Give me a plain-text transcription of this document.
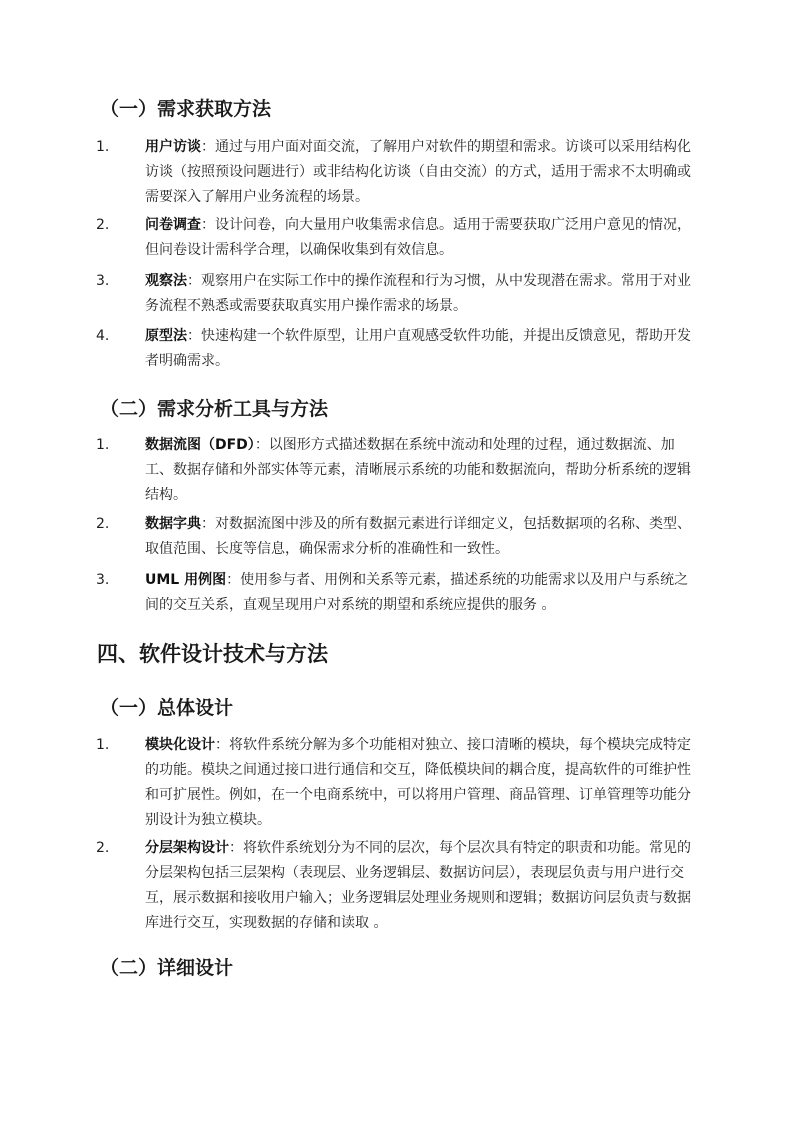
（一）需求获取方法
1.	用户访谈：通过与用户面对面交流，了解用户对软件的期望和需求。访谈可以采用结构化访谈（按照预设问题进行）或非结构化访谈（自由交流）的方式，适用于需求不太明确或需要深入了解用户业务流程的场景。
2.	问卷调查：设计问卷，向大量用户收集需求信息。适用于需要获取广泛用户意见的情况，但问卷设计需科学合理，以确保收集到有效信息。
3.	观察法：观察用户在实际工作中的操作流程和行为习惯，从中发现潜在需求。常用于对业务流程不熟悉或需要获取真实用户操作需求的场景。
4.	原型法：快速构建一个软件原型，让用户直观感受软件功能，并提出反馈意见，帮助开发者明确需求。
（二）需求分析工具与方法
1.	数据流图（DFD）：以图形方式描述数据在系统中流动和处理的过程，通过数据流、加工、数据存储和外部实体等元素，清晰展示系统的功能和数据流向，帮助分析系统的逻辑结构。
2.	数据字典：对数据流图中涉及的所有数据元素进行详细定义，包括数据项的名称、类型、取值范围、长度等信息，确保需求分析的准确性和一致性。
3.	UML 用例图：使用参与者、用例和关系等元素，描述系统的功能需求以及用户与系统之间的交互关系，直观呈现用户对系统的期望和系统应提供的服务 。
四、软件设计技术与方法
（一）总体设计
1.	模块化设计：将软件系统分解为多个功能相对独立、接口清晰的模块，每个模块完成特定的功能。模块之间通过接口进行通信和交互，降低模块间的耦合度，提高软件的可维护性和可扩展性。例如，在一个电商系统中，可以将用户管理、商品管理、订单管理等功能分别设计为独立模块。
2.	分层架构设计：将软件系统划分为不同的层次，每个层次具有特定的职责和功能。常见的分层架构包括三层架构（表现层、业务逻辑层、数据访问层），表现层负责与用户进行交互，展示数据和接收用户输入；业务逻辑层处理业务规则和逻辑；数据访问层负责与数据库进行交互，实现数据的存储和读取 。
（二）详细设计
